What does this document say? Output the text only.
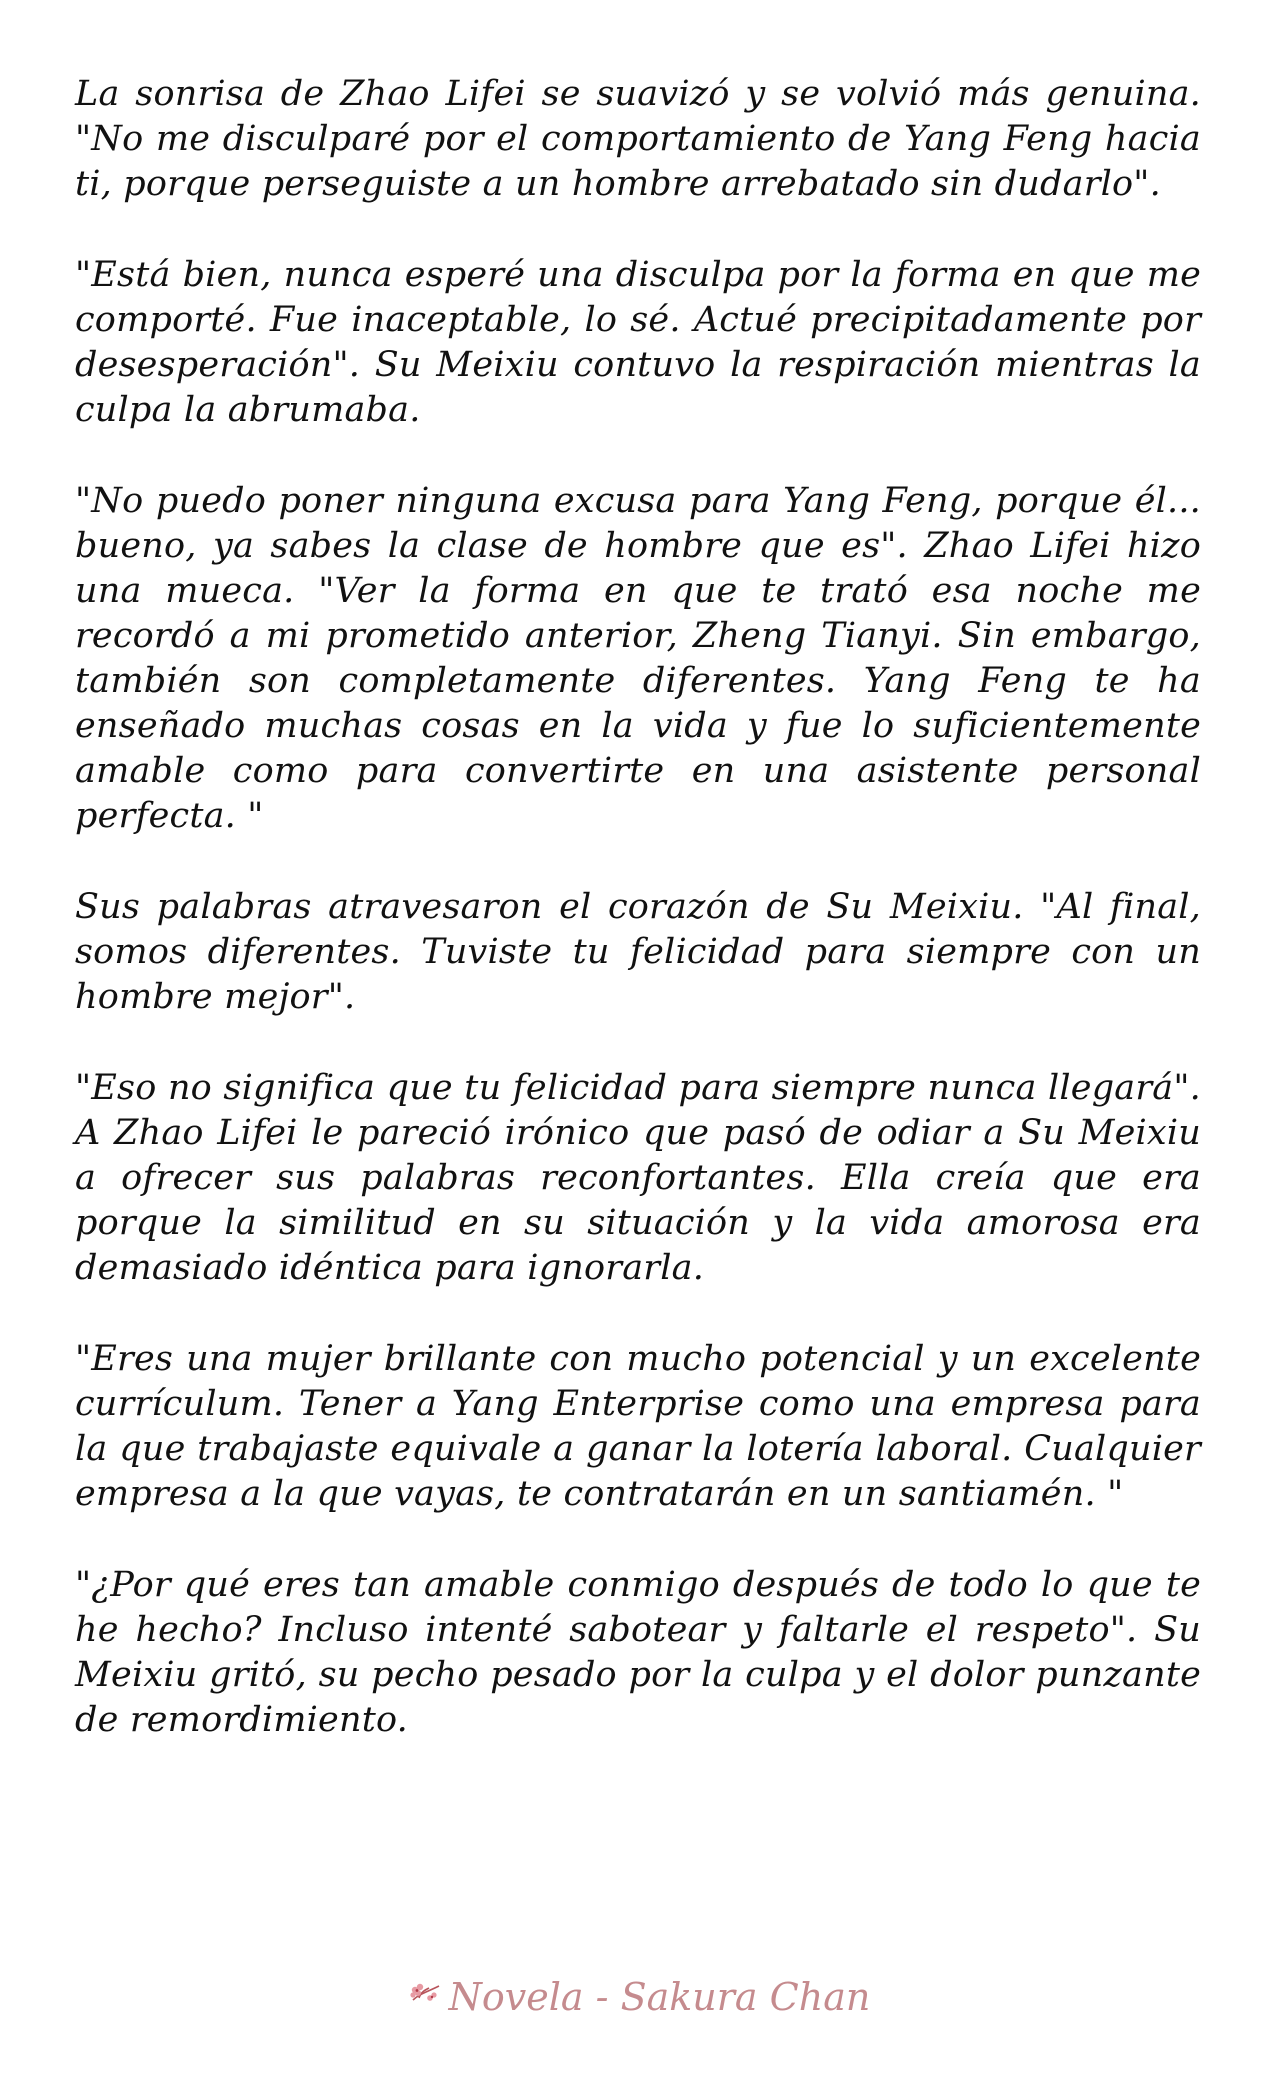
La sonrisa de Zhao Lifei se suavizó y se volvió más genuina. "No me disculparé por el comportamiento de Yang Feng hacia ti, porque perseguiste a un hombre arrebatado sin dudarlo".

"Está bien, nunca esperé una disculpa por la forma en que me comporté. Fue inaceptable, lo sé. Actué precipitadamente por desesperación". Su Meixiu contuvo la respiración mientras la culpa la abrumaba.

"No puedo poner ninguna excusa para Yang Feng, porque él... bueno, ya sabes la clase de hombre que es". Zhao Lifei hizo una mueca. "Ver la forma en que te trató esa noche me recordó a mi prometido anterior, Zheng Tianyi. Sin embargo, también son completamente diferentes. Yang Feng te ha enseñado muchas cosas en la vida y fue lo suficientemente amable como para convertirte en una asistente personal perfecta. "

Sus palabras atravesaron el corazón de Su Meixiu. "Al final, somos diferentes. Tuviste tu felicidad para siempre con un hombre mejor".

"Eso no significa que tu felicidad para siempre nunca llegará". A Zhao Lifei le pareció irónico que pasó de odiar a Su Meixiu a ofrecer sus palabras reconfortantes. Ella creía que era porque la similitud en su situación y la vida amorosa era demasiado idéntica para ignorarla.

"Eres una mujer brillante con mucho potencial y un excelente currículum. Tener a Yang Enterprise como una empresa para la que trabajaste equivale a ganar la lotería laboral. Cualquier empresa a la que vayas, te contratarán en un santiamén. "

"¿Por qué eres tan amable conmigo después de todo lo que te he hecho? Incluso intenté sabotear y faltarle el respeto". Su Meixiu gritó, su pecho pesado por la culpa y el dolor punzante de remordimiento.

Novela - Sakura Chan
